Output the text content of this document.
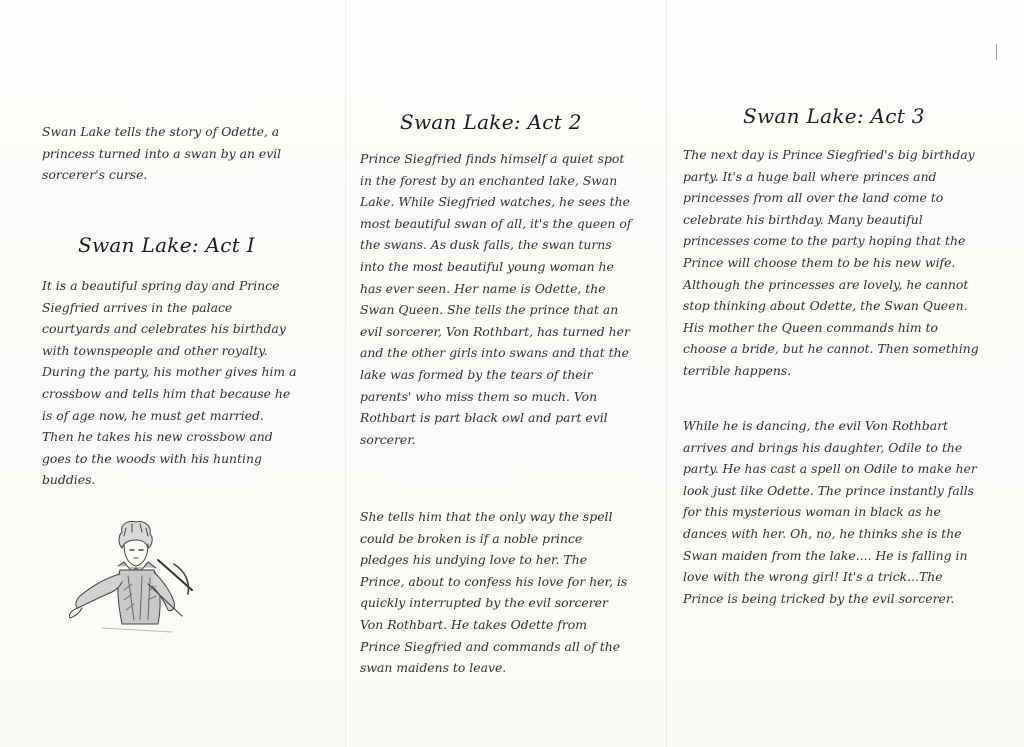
Swan Lake tells the story of Odette, a princess turned into a swan by an evil sorcerer's curse.
Swan Lake: Act I
It is a beautiful spring day and Prince Siegfried arrives in the palace courtyards and celebrates his birthday with townspeople and other royalty. During the party, his mother gives him a crossbow and tells him that because he is of age now, he must get married. Then he takes his new crossbow and goes to the woods with his hunting buddies.
Swan Lake: Act 2
Prince Siegfried finds himself a quiet spot in the forest by an enchanted lake, Swan Lake. While Siegfried watches, he sees the most beautiful swan of all, it's the queen of the swans. As dusk falls, the swan turns into the most beautiful young woman he has ever seen. Her name is Odette, the Swan Queen. She tells the prince that an evil sorcerer, Von Rothbart, has turned her and the other girls into swans and that the lake was formed by the tears of their parents' who miss them so much. Von Rothbart is part black owl and part evil sorcerer.
She tells him that the only way the spell could be broken is if a noble prince pledges his undying love to her. The Prince, about to confess his love for her, is quickly interrupted by the evil sorcerer Von Rothbart. He takes Odette from Prince Siegfried and commands all of the swan maidens to leave.
Swan Lake: Act 3
The next day is Prince Siegfried's big birthday party. It's a huge ball where princes and princesses from all over the land come to celebrate his birthday. Many beautiful princesses come to the party hoping that the Prince will choose them to be his new wife. Although the princesses are lovely, he cannot stop thinking about Odette, the Swan Queen. His mother the Queen commands him to choose a bride, but he cannot. Then something terrible happens.
While he is dancing, the evil Von Rothbart arrives and brings his daughter, Odile to the party. He has cast a spell on Odile to make her look just like Odette. The prince instantly falls for this mysterious woman in black as he dances with her. Oh, no, he thinks she is the Swan maiden from the lake.... He is falling in love with the wrong girl! It's a trick...The Prince is being tricked by the evil sorcerer.
